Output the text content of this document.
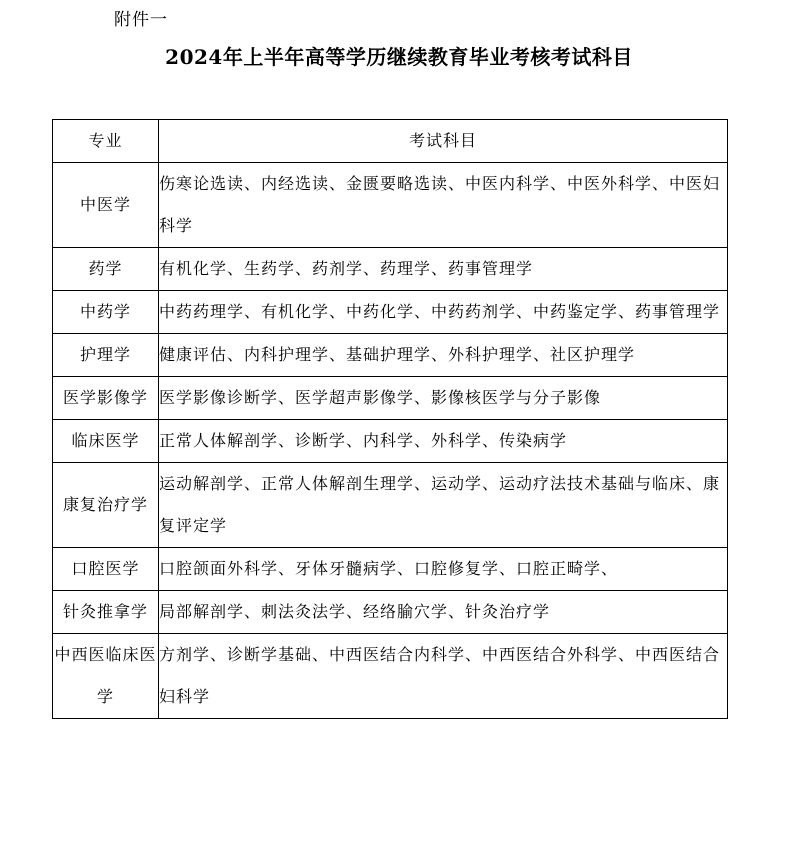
附件一
2024年上半年高等学历继续教育毕业考核考试科目
专业	考试科目
中医学	伤寒论选读、内经选读、金匮要略选读、中医内科学、中医外科学、中医妇科学
药学	有机化学、生药学、药剂学、药理学、药事管理学
中药学	中药药理学、有机化学、中药化学、中药药剂学、中药鉴定学、药事管理学
护理学	健康评估、内科护理学、基础护理学、外科护理学、社区护理学
医学影像学	医学影像诊断学、医学超声影像学、影像核医学与分子影像
临床医学	正常人体解剖学、诊断学、内科学、外科学、传染病学
康复治疗学	运动解剖学、正常人体解剖生理学、运动学、运动疗法技术基础与临床、康复评定学
口腔医学	口腔颌面外科学、牙体牙髓病学、口腔修复学、口腔正畸学、
针灸推拿学	局部解剖学、刺法灸法学、经络腧穴学、针灸治疗学
中西医临床医学	方剂学、诊断学基础、中西医结合内科学、中西医结合外科学、中西医结合妇科学
